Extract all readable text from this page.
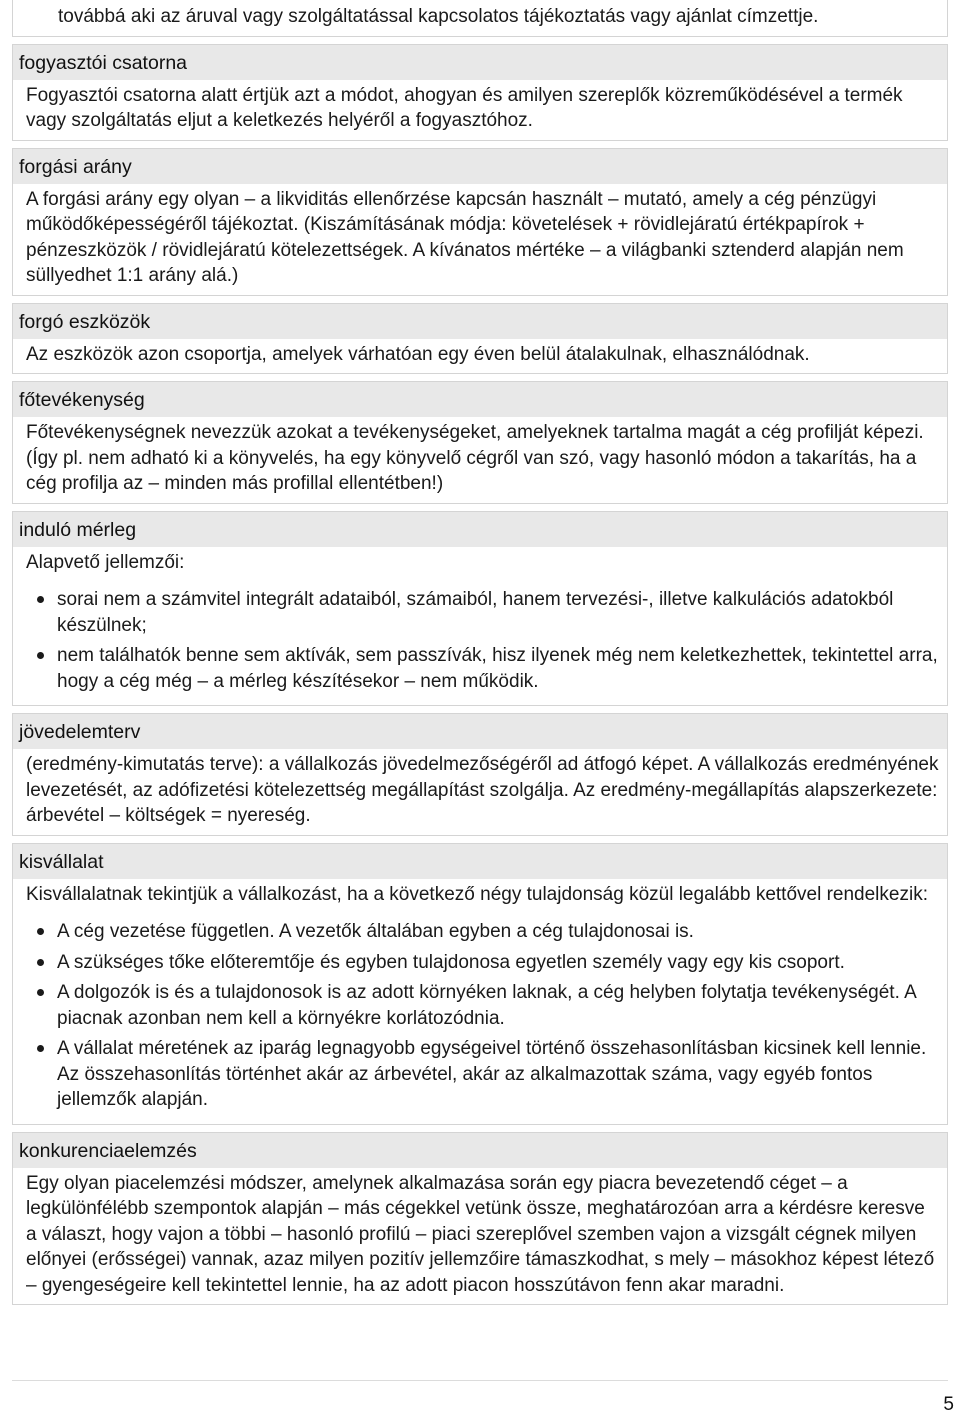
továbbá aki az áruval vagy szolgáltatással kapcsolatos tájékoztatás vagy ajánlat címzettje.

fogyasztói csatorna

Fogyasztói csatorna alatt értjük azt a módot, ahogyan és amilyen szereplők közreműködésével a termék vagy szolgáltatás eljut a keletkezés helyéről a fogyasztóhoz.

forgási arány

A forgási arány egy olyan – a likviditás ellenőrzése kapcsán használt – mutató, amely a cég pénzügyi működőképességéről tájékoztat. (Kiszámításának módja: követelések + rövidlejáratú értékpapírok + pénzeszközök / rövidlejáratú kötelezettségek. A kívánatos mértéke – a világbanki sztenderd alapján nem süllyedhet 1:1 arány alá.)

forgó eszközök

Az eszközök azon csoportja, amelyek várhatóan egy éven belül átalakulnak, elhasználódnak.

főtevékenység

Főtevékenységnek nevezzük azokat a tevékenységeket, amelyeknek tartalma magát a cég profilját képezi. (Így pl. nem adható ki a könyvelés, ha egy könyvelő cégről van szó, vagy hasonló módon a takarítás, ha a cég profilja az – minden más profillal ellentétben!)

induló mérleg

Alapvető jellemzői:

sorai nem a számvitel integrált adataiból, számaiból, hanem tervezési-, illetve kalkulációs adatokból készülnek;
nem találhatók benne sem aktívák, sem passzívák, hisz ilyenek még nem keletkezhettek, tekintettel arra, hogy a cég még – a mérleg készítésekor – nem működik.
jövedelemterv

(eredmény-kimutatás terve): a vállalkozás jövedelmezőségéről ad átfogó képet. A vállalkozás eredményének levezetését, az adófizetési kötelezettség megállapítást szolgálja. Az eredmény-megállapítás alapszerkezete: árbevétel – költségek = nyereség.

kisvállalat

Kisvállalatnak tekintjük a vállalkozást, ha a következő négy tulajdonság közül legalább kettővel rendelkezik:

A cég vezetése független. A vezetők általában egyben a cég tulajdonosai is.
A szükséges tőke előteremtője és egyben tulajdonosa egyetlen személy vagy egy kis csoport.
A dolgozók is és a tulajdonosok is az adott környéken laknak, a cég helyben folytatja tevékenységét. A piacnak azonban nem kell a környékre korlátozódnia.
A vállalat méretének az iparág legnagyobb egységeivel történő összehasonlításban kicsinek kell lennie. Az összehasonlítás történhet akár az árbevétel, akár az alkalmazottak száma, vagy egyéb fontos jellemzők alapján.
konkurenciaelemzés

Egy olyan piacelemzési módszer, amelynek alkalmazása során egy piacra bevezetendő céget – a legkülönfélébb szempontok alapján – más cégekkel vetünk össze, meghatározóan arra a kérdésre keresve a választ, hogy vajon a többi – hasonló profilú – piaci szereplővel szemben vajon a vizsgált cégnek milyen előnyei (erősségei) vannak, azaz milyen pozitív jellemzőire támaszkodhat, s mely – másokhoz képest létező – gyengeségeire kell tekintettel lennie, ha az adott piacon hosszútávon fenn akar maradni.

5
